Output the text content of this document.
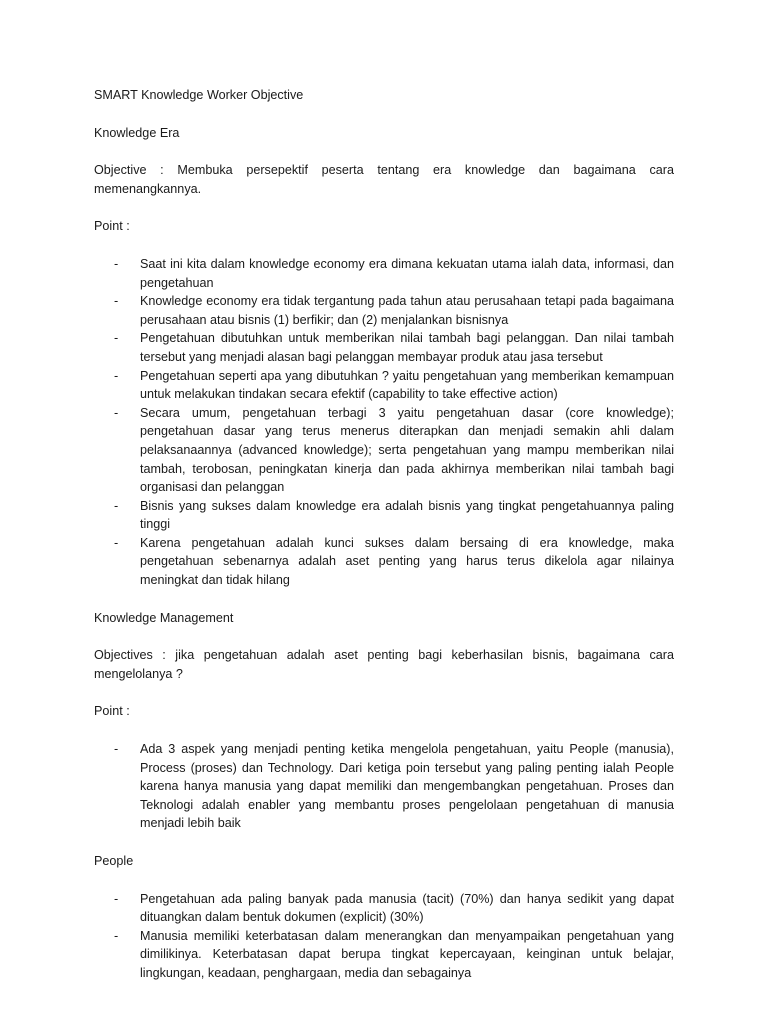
SMART Knowledge Worker Objective

Knowledge Era

Objective : Membuka persepektif peserta tentang era knowledge dan bagaimana cara memenangkannya.

Point :

- Saat ini kita dalam knowledge economy era dimana kekuatan utama ialah data, informasi, dan pengetahuan
- Knowledge economy era tidak tergantung pada tahun atau perusahaan tetapi pada bagaimana perusahaan atau bisnis (1) berfikir; dan (2) menjalankan bisnisnya
- Pengetahuan dibutuhkan untuk memberikan nilai tambah bagi pelanggan. Dan nilai tambah tersebut yang menjadi alasan bagi pelanggan membayar produk atau jasa tersebut
- Pengetahuan seperti apa yang dibutuhkan ? yaitu pengetahuan yang memberikan kemampuan untuk melakukan tindakan secara efektif (capability to take effective action)
- Secara umum, pengetahuan terbagi 3 yaitu pengetahuan dasar (core knowledge); pengetahuan dasar yang terus menerus diterapkan dan menjadi semakin ahli dalam pelaksanaannya (advanced knowledge); serta pengetahuan yang mampu memberikan nilai tambah, terobosan, peningkatan kinerja dan pada akhirnya memberikan nilai tambah bagi organisasi dan pelanggan
- Bisnis yang sukses dalam knowledge era adalah bisnis yang tingkat pengetahuannya paling tinggi
- Karena pengetahuan adalah kunci sukses dalam bersaing di era knowledge, maka pengetahuan sebenarnya adalah aset penting yang harus terus dikelola agar nilainya meningkat dan tidak hilang

Knowledge Management

Objectives : jika pengetahuan adalah aset penting bagi keberhasilan bisnis, bagaimana cara mengelolanya ?

Point :

- Ada 3 aspek yang menjadi penting ketika mengelola pengetahuan, yaitu People (manusia), Process (proses) dan Technology. Dari ketiga poin tersebut yang paling penting ialah People karena hanya manusia yang dapat memiliki dan mengembangkan pengetahuan. Proses dan Teknologi adalah enabler yang membantu proses pengelolaan pengetahuan di manusia menjadi lebih baik

People

- Pengetahuan ada paling banyak pada manusia (tacit) (70%) dan hanya sedikit yang dapat dituangkan dalam bentuk dokumen (explicit) (30%)
- Manusia memiliki keterbatasan dalam menerangkan dan menyampaikan pengetahuan yang dimilikinya. Keterbatasan dapat berupa tingkat kepercayaan, keinginan untuk belajar, lingkungan, keadaan, penghargaan, media dan sebagainya
